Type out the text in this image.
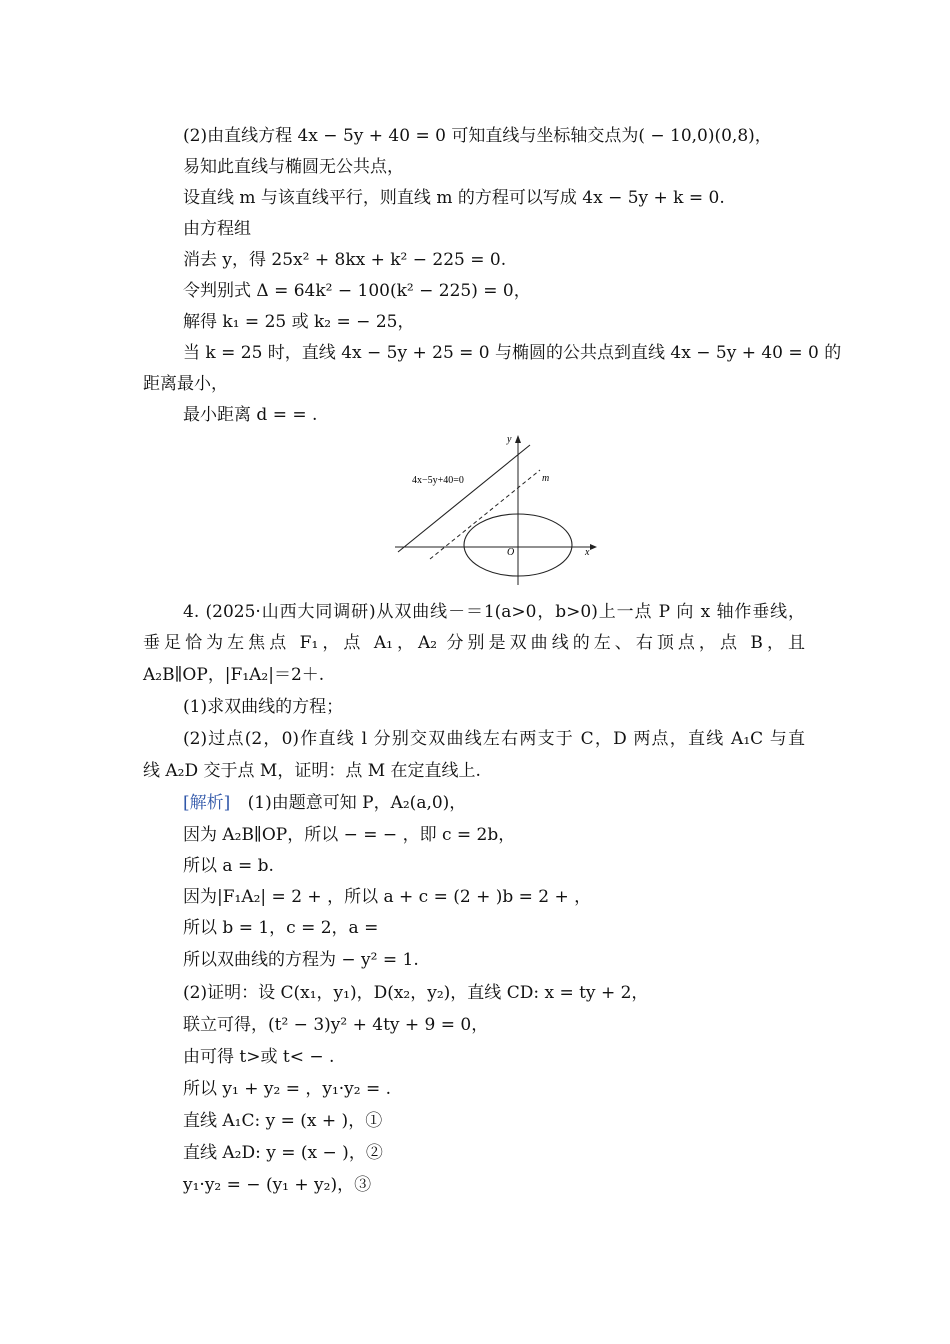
(2)由直线方程 4x − 5y + 40 = 0 可知直线与坐标轴交点为( − 10,0)(0,8)，
易知此直线与椭圆无公共点，
设直线 m 与该直线平行，则直线 m 的方程可以写成 4x − 5y + k = 0.
由方程组
消去 y，得 25x² + 8kx + k² − 225 = 0.
令判别式 Δ = 64k² − 100(k² − 225) = 0，
解得 k₁ = 25 或 k₂ = − 25，
当 k = 25 时，直线 4x − 5y + 25 = 0 与椭圆的公共点到直线 4x − 5y + 40 = 0 的
距离最小，
最小距离 d = = .
4x−5y+40=0	m
y
x
O
4. (2025·山西大同调研)从双曲线－＝1(a>0，b>0)上一点 P 向 x 轴作垂线，
垂足恰为左焦点 F₁，点 A₁，A₂ 分别是双曲线的左、右顶点，点 B，且
A₂B∥OP，|F₁A₂|＝2＋.
(1)求双曲线的方程；
(2)过点(2，0)作直线 l 分别交双曲线左右两支于 C，D 两点，直线 A₁C 与直
线 A₂D 交于点 M，证明：点 M 在定直线上.
[解析] (1)由题意可知 P，A₂(a,0)，
因为 A₂B∥OP，所以 − = − ，即 c = 2b，
所以 a = b.
因为|F₁A₂| = 2 + ，所以 a + c = (2 + )b = 2 + ，
所以 b = 1，c = 2，a =
所以双曲线的方程为 − y² = 1.
(2)证明：设 C(x₁，y₁)，D(x₂，y₂)，直线 CD: x = ty + 2，
联立可得，(t² − 3)y² + 4ty + 9 = 0，
由可得 t>或 t< − .
所以 y₁ + y₂ = ，y₁·y₂ = .
直线 A₁C: y = (x + )，①
直线 A₂D: y = (x − )，②
y₁·y₂ = − (y₁ + y₂)，③
